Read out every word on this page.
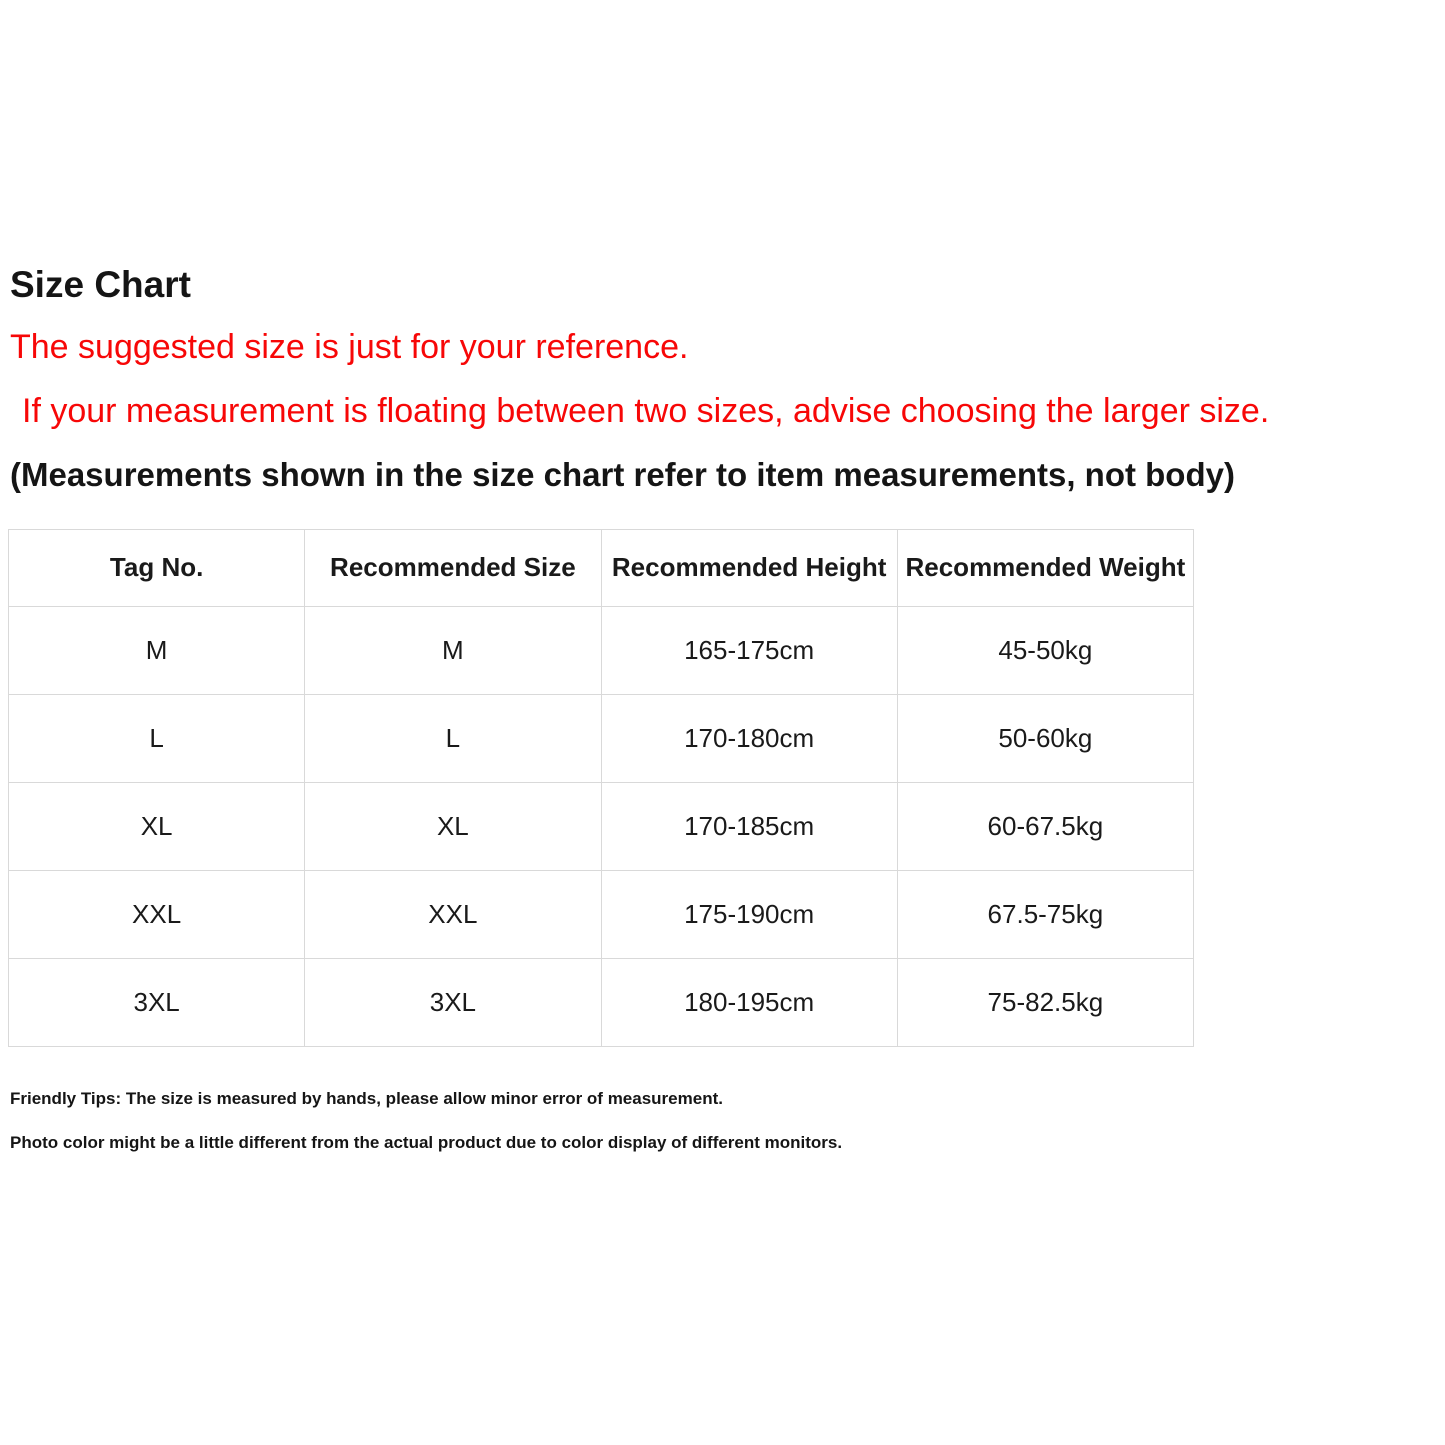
Size Chart

The suggested size is just for your reference.

If your measurement is floating between two sizes, advise choosing the larger size.

(Measurements shown in the size chart refer to item measurements, not body)

Tag No.	Recommended Size	Recommended Height	Recommended Weight
M	M	165-175cm	45-50kg
L	L	170-180cm	50-60kg
XL	XL	170-185cm	60-67.5kg
XXL	XXL	175-190cm	67.5-75kg
3XL	3XL	180-195cm	75-82.5kg

Friendly Tips: The size is measured by hands, please allow minor error of measurement.

Photo color might be a little different from the actual product due to color display of different monitors.
